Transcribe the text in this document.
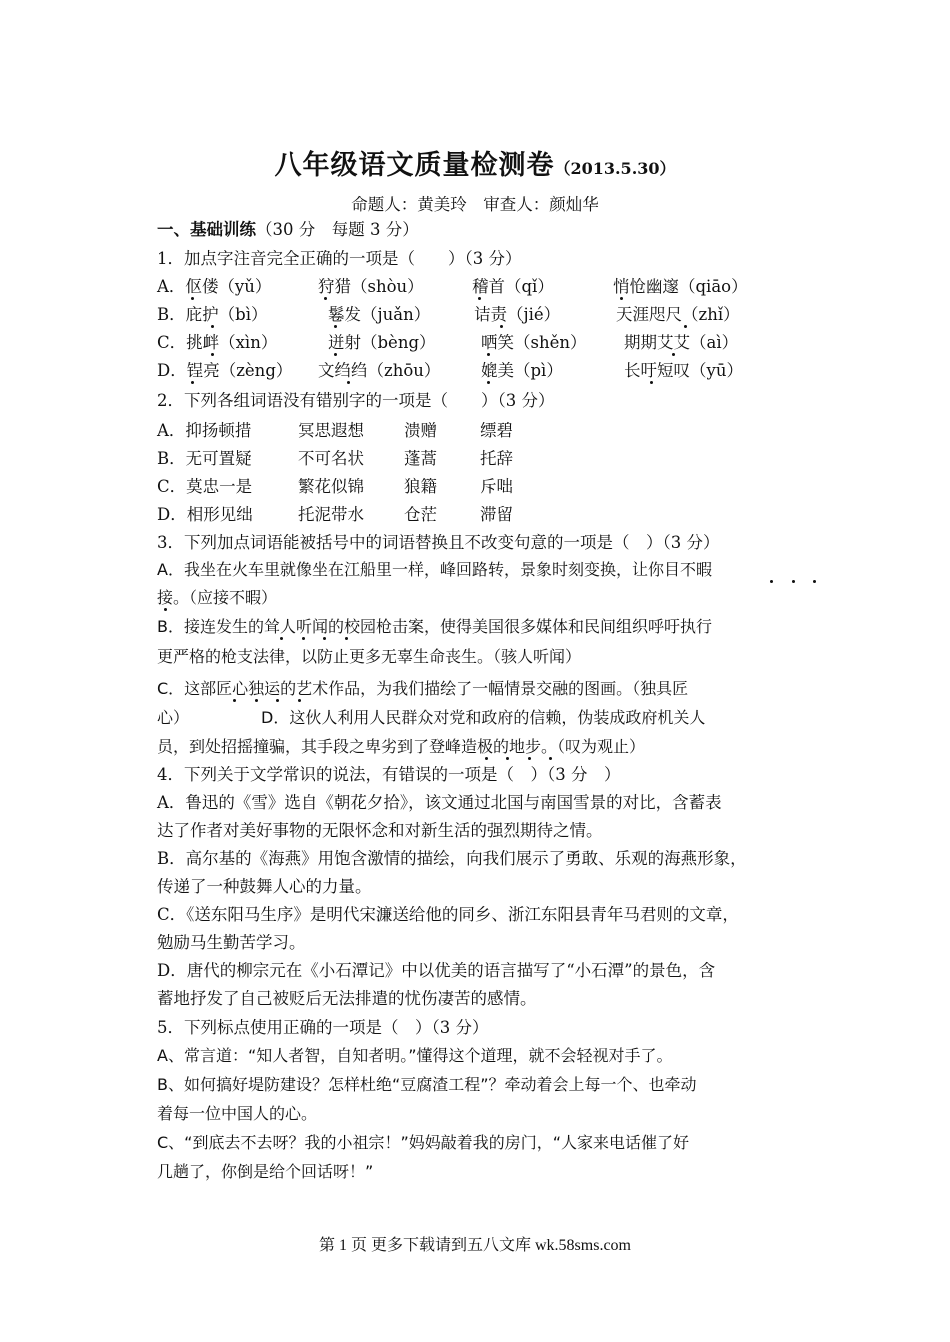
八年级语文质量检测卷（2013.5.30）
命题人：黄美玲　审查人：颜灿华
一、基础训练（30 分　每题 3 分）
1．加点字注音完全正确的一项是（　　）（3 分）
A．伛偻（yǔ）	狩猎（shòu）	稽首（qǐ）	悄怆幽邃（qiāo）
B．庇护（bì）	鬈发（juǎn）	诘责（jié）	天涯咫尺（zhǐ）
C．挑衅（xìn）	迸射（bèng）	哂笑（shěn） 期期艾艾（aì）
D．锃亮（zèng） 文绉绉（zhōu） 媲美（pì）	长吁短叹（yū）
2．下列各组词语没有错别字的一项是（　　）（3 分）
A．抑扬顿措	冥思遐想 溃赠	缥碧
B．无可置疑	不可名状 蓬蒿	托辞
C．莫忠一是	繁花似锦 狼籍	斥咄
D．相形见绌	托泥带水 仓茫	滞留
3．下列加点词语能被括号中的词语替换且不改变句意的一项是（　）（3 分）
A．我坐在火车里就像坐在江船里一样，峰回路转，景象时刻变换，让你目不暇
接。（应接不暇）
B．接连发生的耸人听闻的校园枪击案，使得美国很多媒体和民间组织呼吁执行
更严格的枪支法律，以防止更多无辜生命丧生。（骇人听闻）
C．这部匠心独运的艺术作品，为我们描绘了一幅情景交融的图画。（独具匠
心）　　　　　D．这伙人利用人民群众对党和政府的信赖，伪装成政府机关人
员，到处招摇撞骗，其手段之卑劣到了登峰造极的地步。（叹为观止）
4．下列关于文学常识的说法，有错误的一项是（　）（3 分　）
A．鲁迅的《雪》选自《朝花夕拾》，该文通过北国与南国雪景的对比，含蓄表
达了作者对美好事物的无限怀念和对新生活的强烈期待之情。
B．高尔基的《海燕》用饱含激情的描绘，向我们展示了勇敢、乐观的海燕形象，
传递了一种鼓舞人心的力量。
C．《送东阳马生序》是明代宋濂送给他的同乡、浙江东阳县青年马君则的文章，
勉励马生勤苦学习。
D．唐代的柳宗元在《小石潭记》中以优美的语言描写了“小石潭”的景色，含
蓄地抒发了自己被贬后无法排遣的忧伤凄苦的感情。
5．下列标点使用正确的一项是（　）（3 分）
A、常言道：“知人者智，自知者明。”懂得这个道理，就不会轻视对手了。
B、如何搞好堤防建设？怎样杜绝“豆腐渣工程”？牵动着会上每一个、也牵动
着每一位中国人的心。
C、“到底去不去呀？我的小祖宗！”妈妈敲着我的房门，“人家来电话催了好
几趟了，你倒是给个回话呀！”
第 1 页 更多下载请到五八文库 wk.58sms.com
